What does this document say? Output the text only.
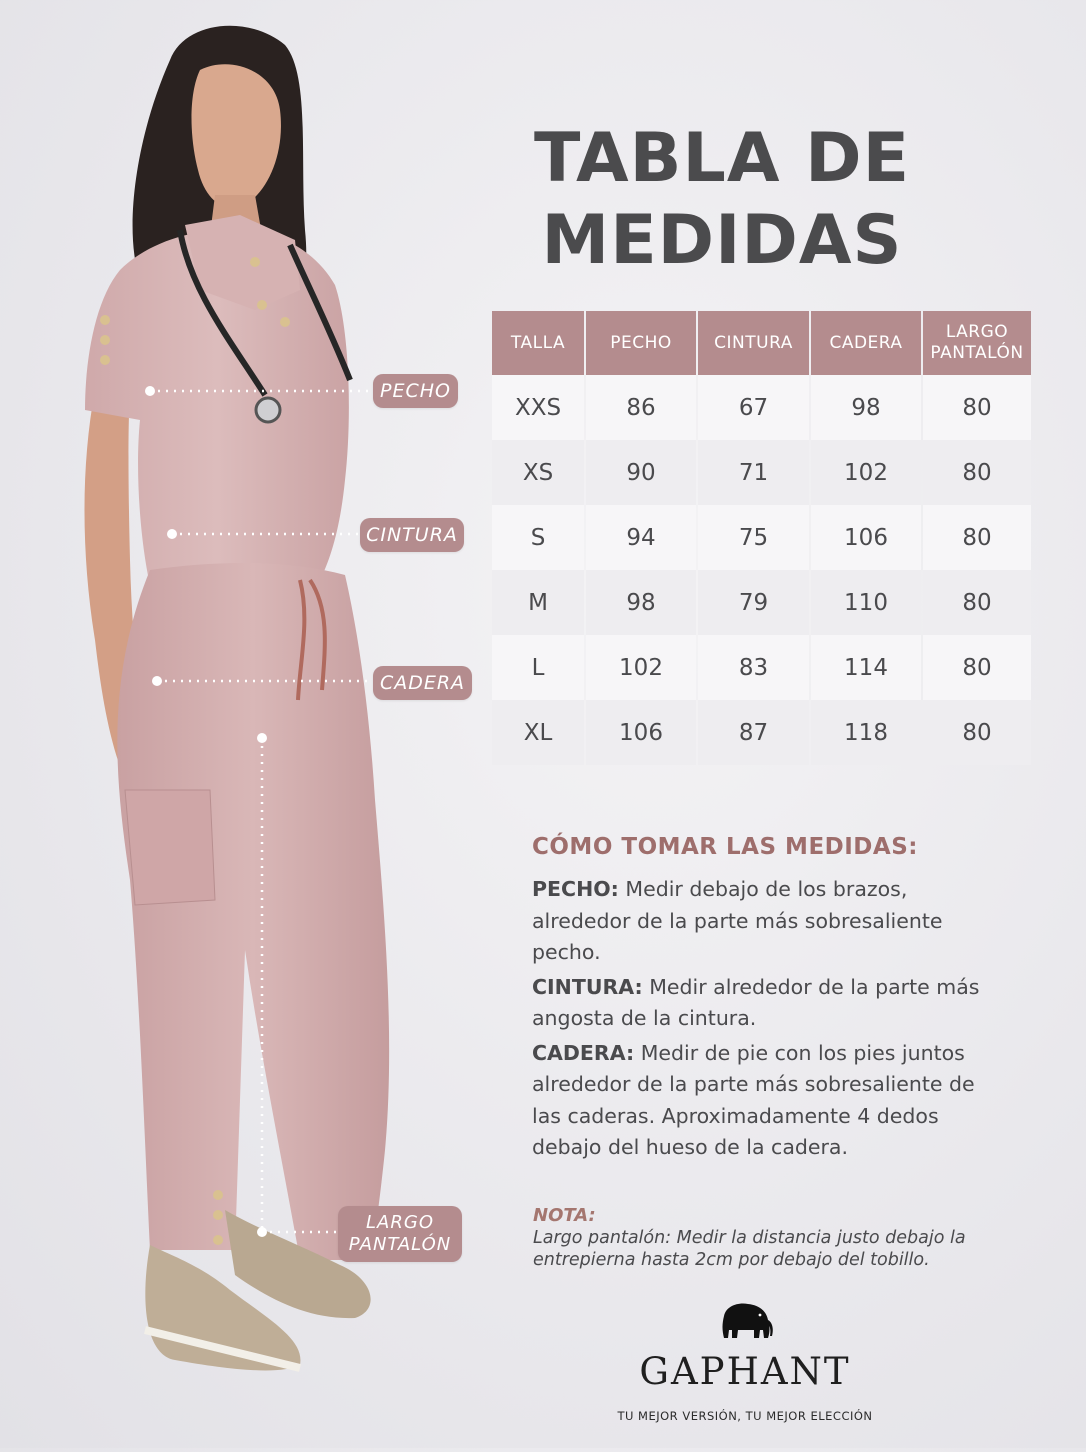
PECHO
CINTURA
CADERA
LARGO
PANTALÓN
TABLA DE
MEDIDAS
TALLA	PECHO	CINTURA	CADERA	LARGO
PANTALÓN
XXS	86	67	98	80
XS	90	71	102	80
S	94	75	106	80
M	98	79	110	80
L	102	83	114	80
XL	106	87	118	80
CÓMO TOMAR LAS MEDIDAS:
PECHO: Medir debajo de los brazos, alrededor de la parte más sobresaliente pecho.
CINTURA: Medir alrededor de la parte más angosta de la cintura.
CADERA: Medir de pie con los pies juntos alrededor de la parte más sobresaliente de las caderas. Aproximadamente 4 dedos debajo del hueso de la cadera.
NOTA:
Largo pantalón: Medir la distancia justo debajo la entrepierna hasta 2cm por debajo del tobillo.
GAPHANT
TU MEJOR VERSIÓN, TU MEJOR ELECCIÓN
